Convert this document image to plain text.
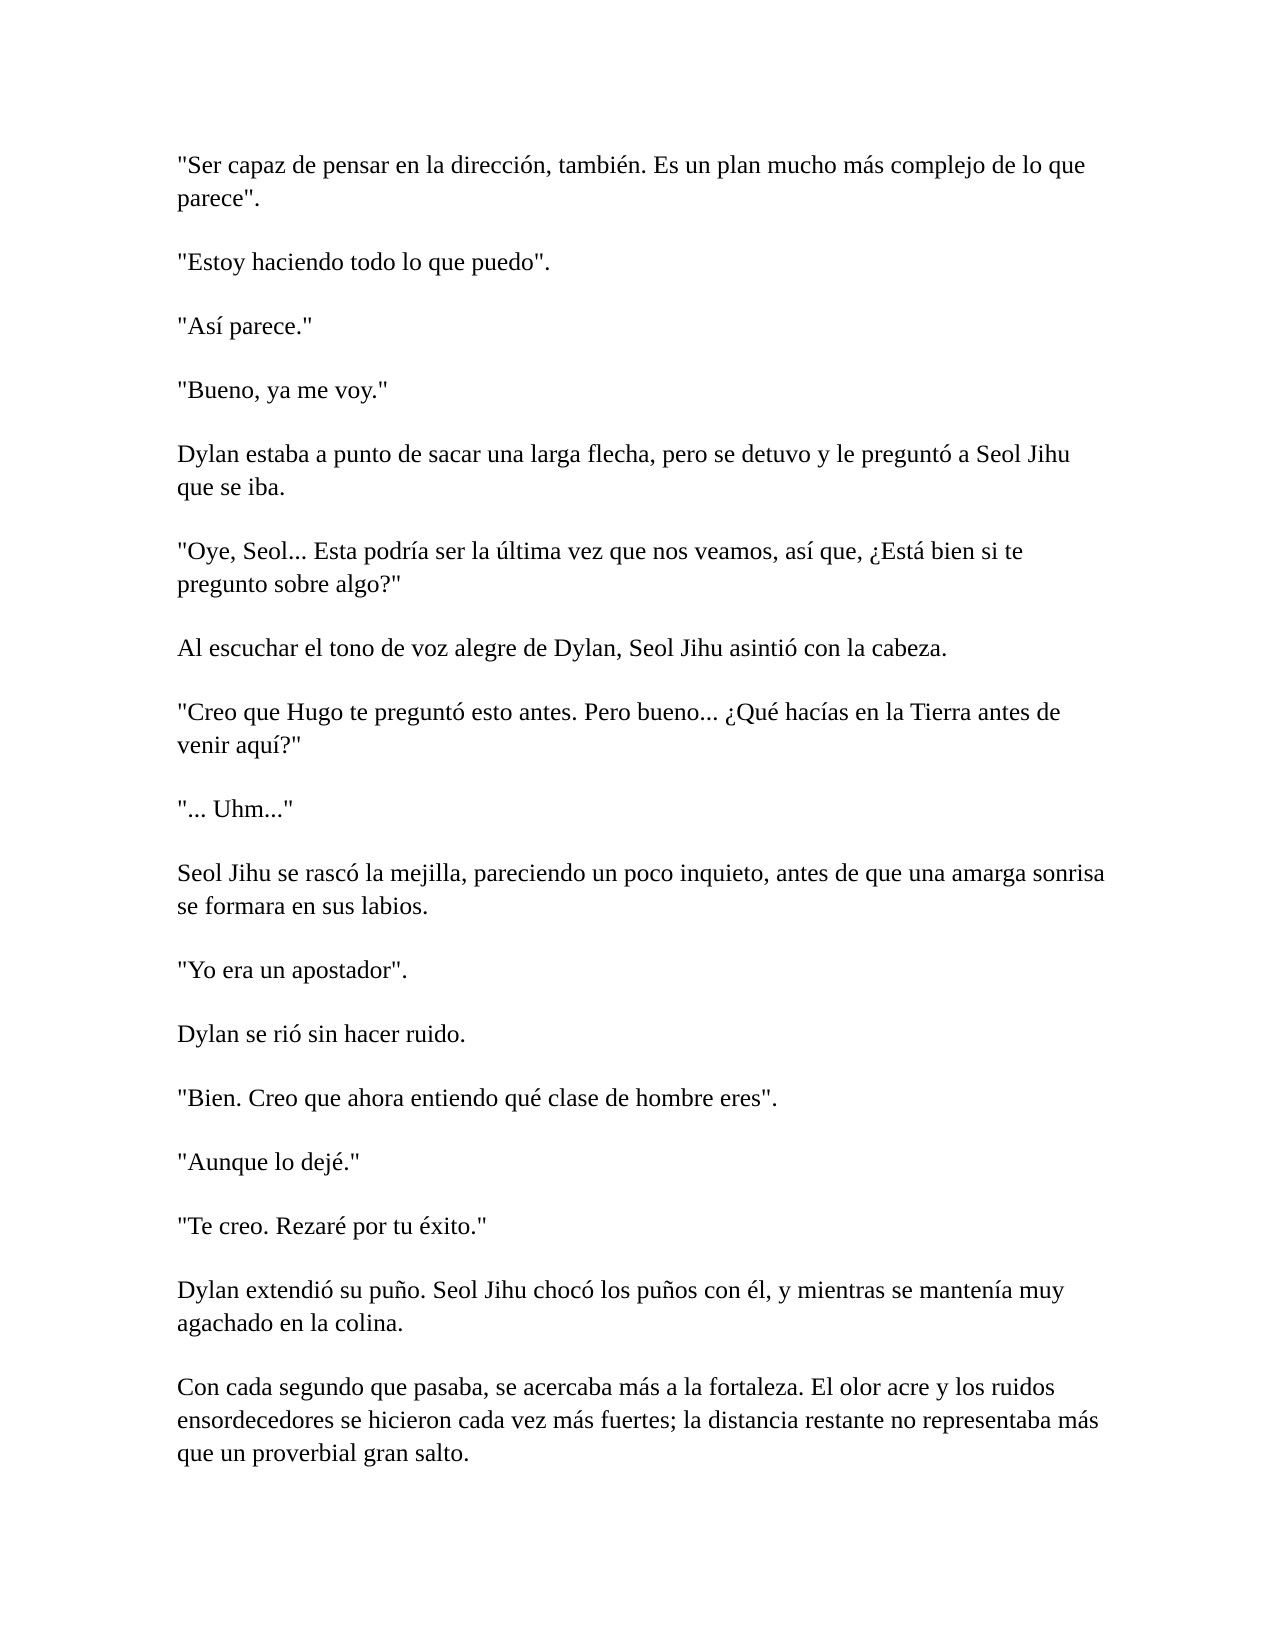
"Ser capaz de pensar en la dirección, también. Es un plan mucho más complejo de lo que parece".

"Estoy haciendo todo lo que puedo".

"Así parece."

"Bueno, ya me voy."

Dylan estaba a punto de sacar una larga flecha, pero se detuvo y le preguntó a Seol Jihu que se iba.

"Oye, Seol... Esta podría ser la última vez que nos veamos, así que, ¿Está bien si te pregunto sobre algo?"

Al escuchar el tono de voz alegre de Dylan, Seol Jihu asintió con la cabeza.

"Creo que Hugo te preguntó esto antes. Pero bueno... ¿Qué hacías en la Tierra antes de venir aquí?"

"... Uhm..."

Seol Jihu se rascó la mejilla, pareciendo un poco inquieto, antes de que una amarga sonrisa se formara en sus labios.

"Yo era un apostador".

Dylan se rió sin hacer ruido.

"Bien. Creo que ahora entiendo qué clase de hombre eres".

"Aunque lo dejé."

"Te creo. Rezaré por tu éxito."

Dylan extendió su puño. Seol Jihu chocó los puños con él, y mientras se mantenía muy agachado en la colina.

Con cada segundo que pasaba, se acercaba más a la fortaleza. El olor acre y los ruidos ensordecedores se hicieron cada vez más fuertes; la distancia restante no representaba más que un proverbial gran salto.
